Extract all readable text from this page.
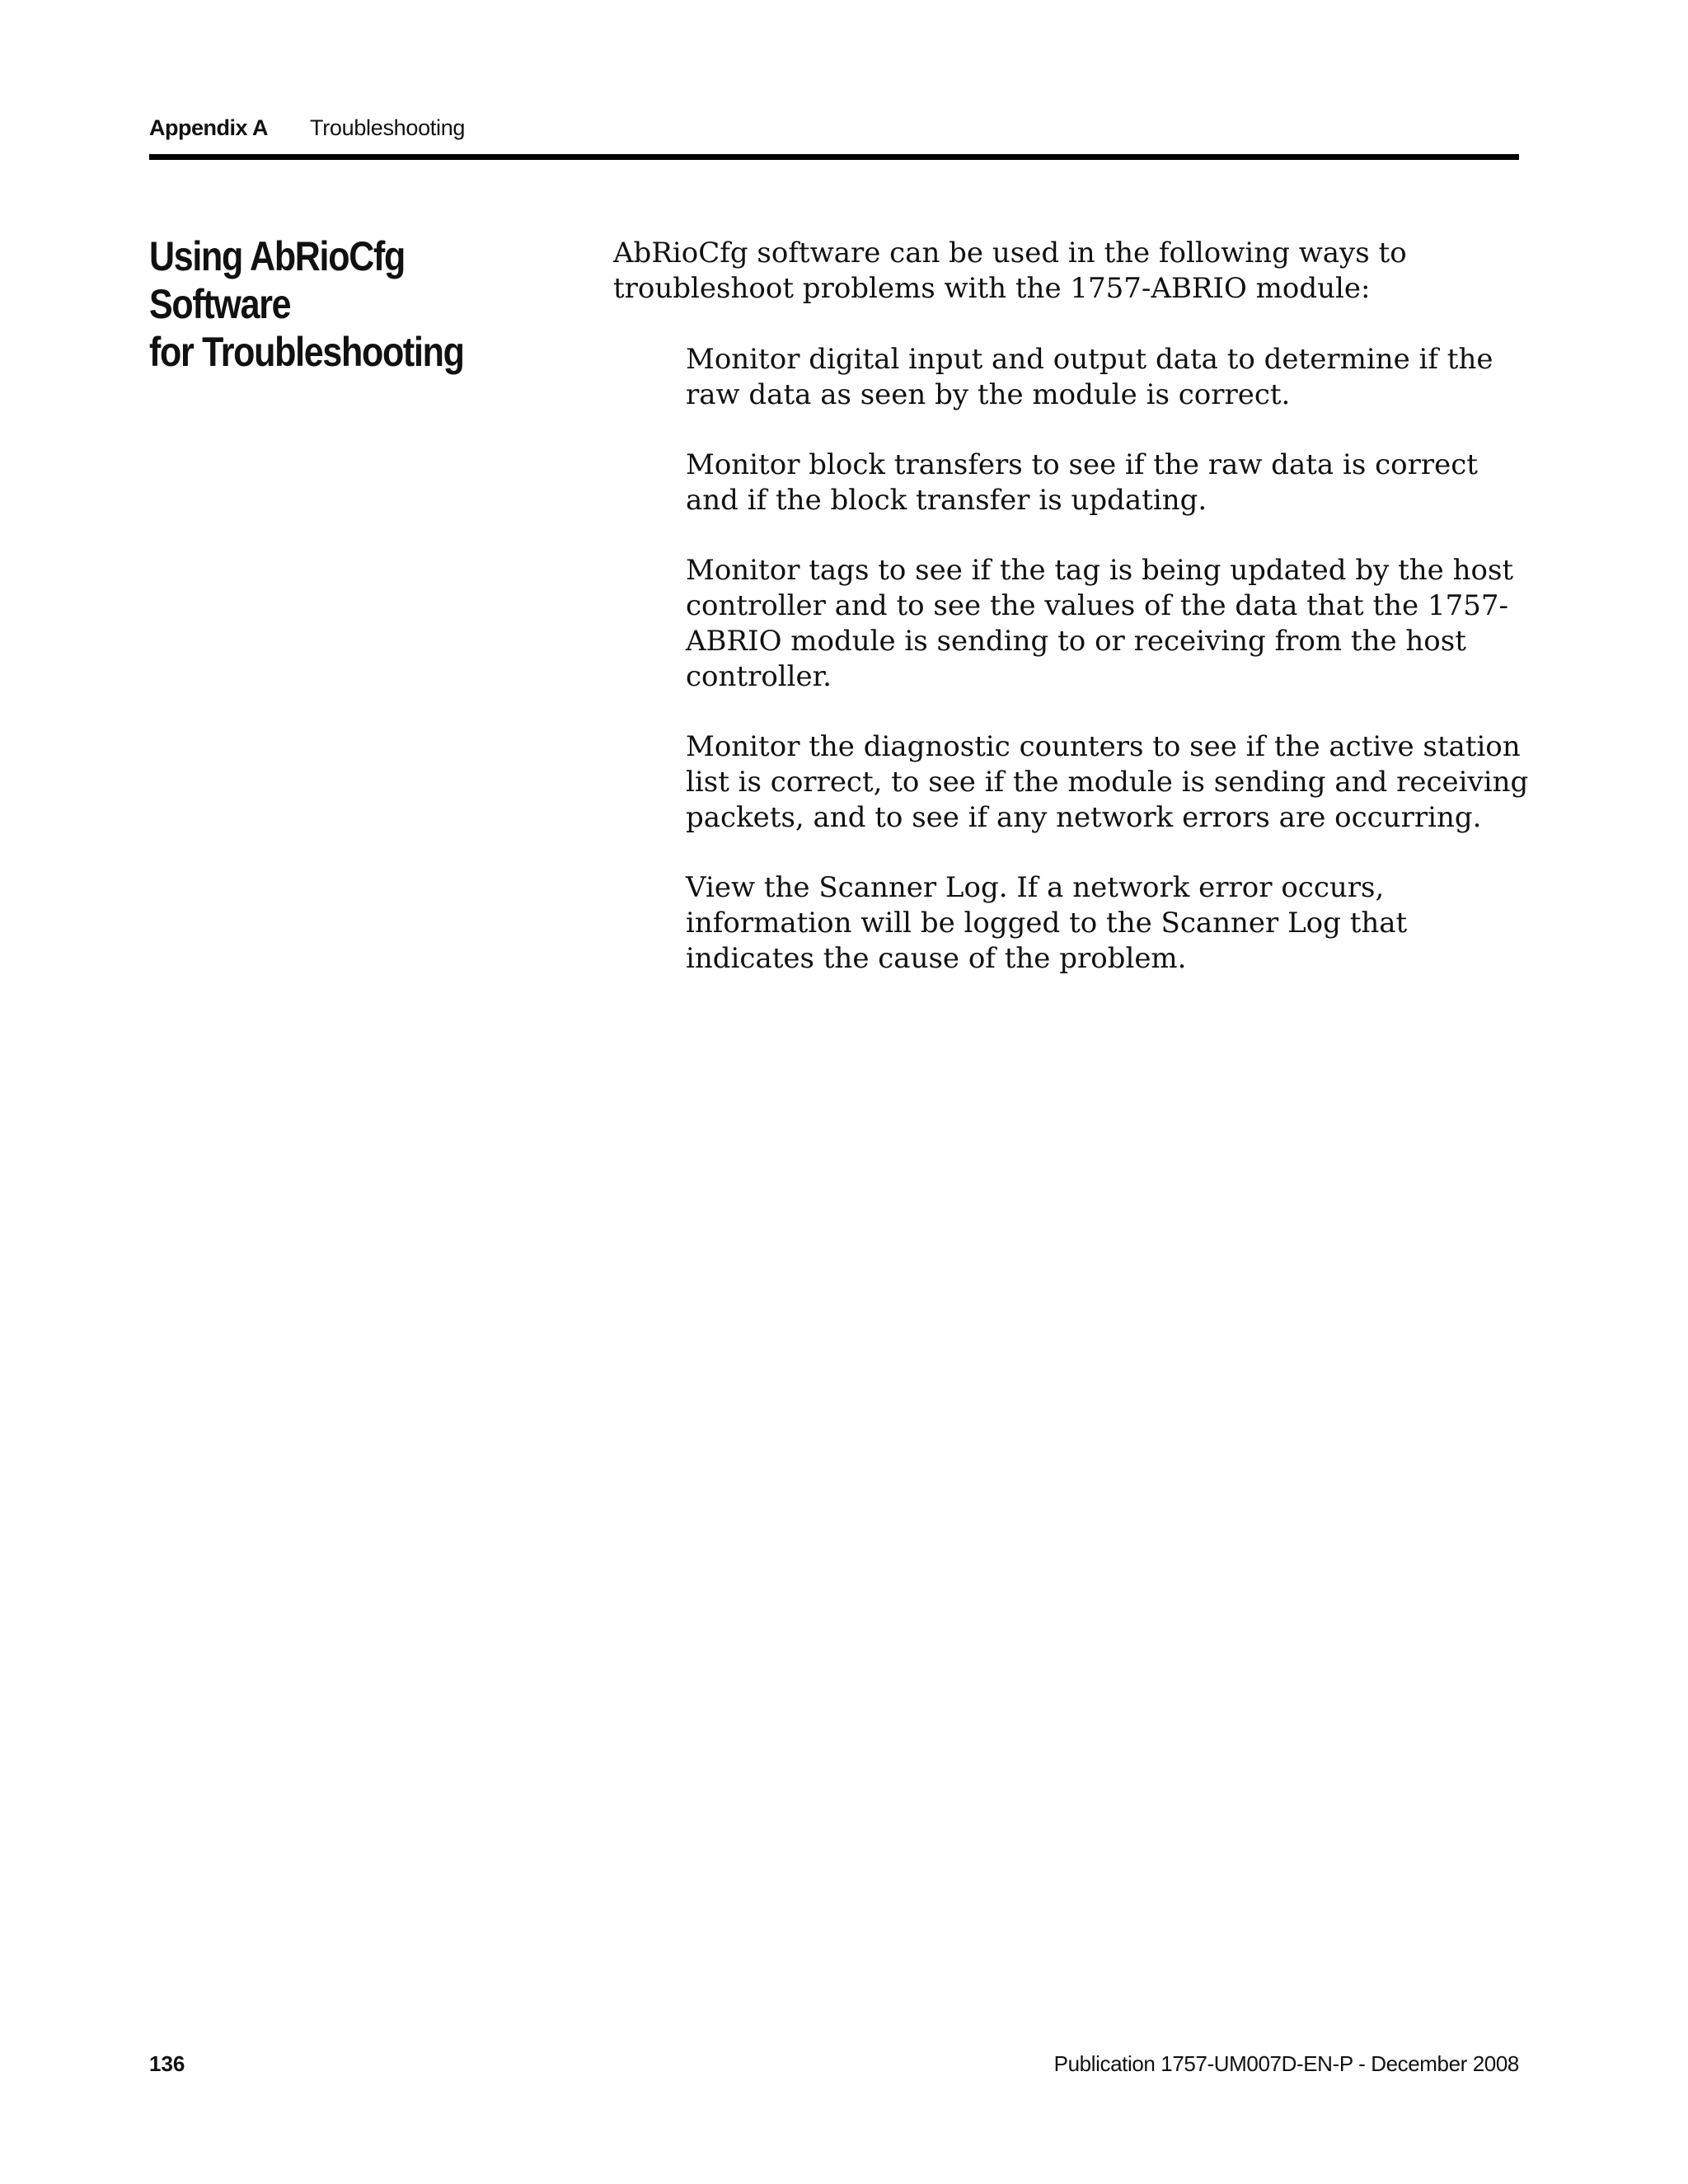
Appendix A Troubleshooting
Using AbRioCfg Software
for Troubleshooting

AbRioCfg software can be used in the following ways to troubleshoot problems with the 1757-ABRIO module:

Monitor digital input and output data to determine if the raw data as seen by the module is correct.
Monitor block transfers to see if the raw data is correct and if the block transfer is updating.
Monitor tags to see if the tag is being updated by the host controller and to see the values of the data that the 1757-ABRIO module is sending to or receiving from the host controller.
Monitor the diagnostic counters to see if the active station list is correct, to see if the module is sending and receiving packets, and to see if any network errors are occurring.
View the Scanner Log. If a network error occurs, information will be logged to the Scanner Log that indicates the cause of the problem.
136	Publication 1757-UM007D-EN-P - December 2008
